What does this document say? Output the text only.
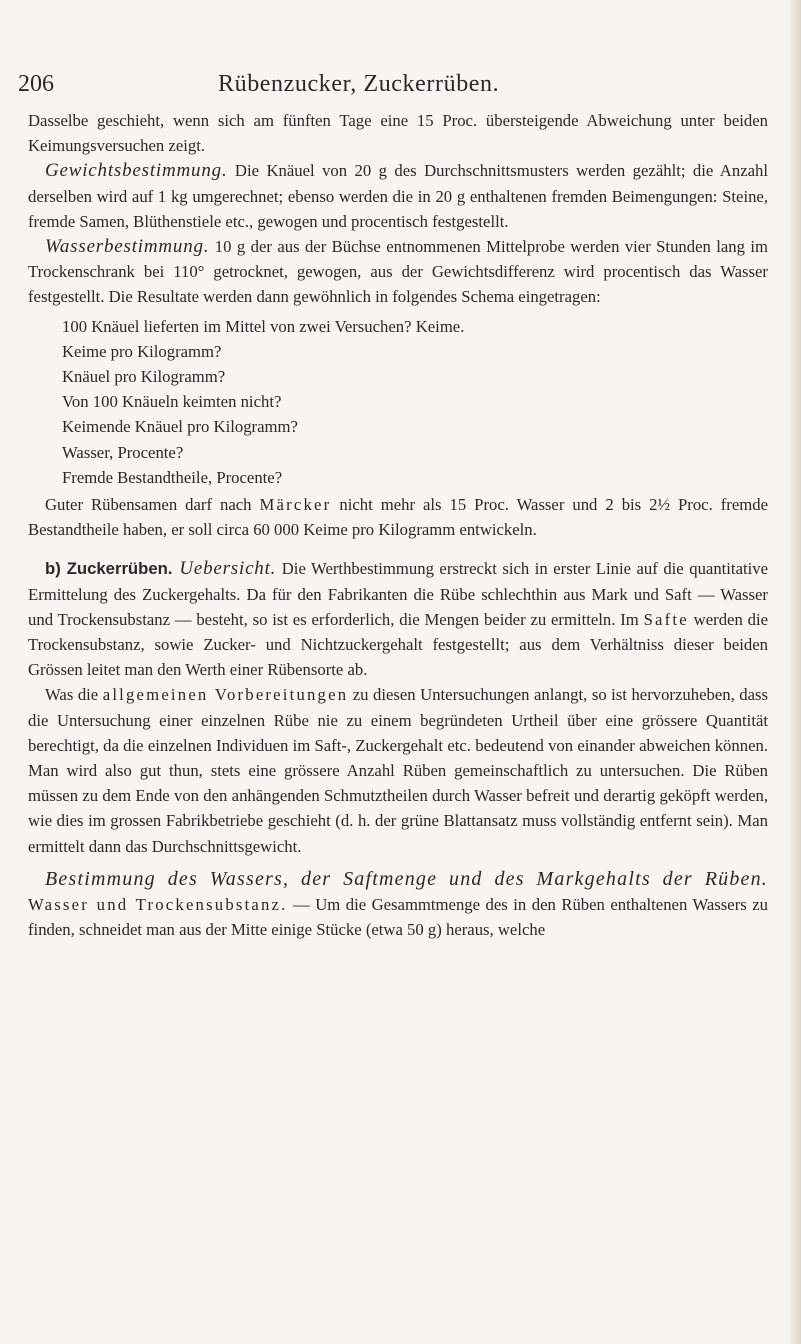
206	Rübenzucker, Zuckerrüben.

Dasselbe geschieht, wenn sich am fünften Tage eine 15 Proc. übersteigende Abweichung unter beiden Keimungsversuchen zeigt.

Gewichtsbestimmung. Die Knäuel von 20 g des Durchschnittsmusters werden gezählt; die Anzahl derselben wird auf 1 kg umgerechnet; ebenso werden die in 20 g enthaltenen fremden Beimengungen: Steine, fremde Samen, Blüthenstiele etc., gewogen und procentisch festgestellt.

Wasserbestimmung. 10 g der aus der Büchse entnommenen Mittelprobe werden vier Stunden lang im Trockenschrank bei 110° getrocknet, gewogen, aus der Gewichtsdifferenz wird procentisch das Wasser festgestellt. Die Resultate werden dann gewöhnlich in folgendes Schema eingetragen:

100 Knäuel lieferten im Mittel von zwei Versuchen? Keime.
Keime pro Kilogramm?
Knäuel pro Kilogramm?
Von 100 Knäueln keimten nicht?
Keimende Knäuel pro Kilogramm?
Wasser, Procente?
Fremde Bestandtheile, Procente?

Guter Rübensamen darf nach Märcker nicht mehr als 15 Proc. Wasser und 2 bis 2½ Proc. fremde Bestandtheile haben, er soll circa 60 000 Keime pro Kilogramm entwickeln.

b) Zuckerrüben. Uebersicht. Die Werthbestimmung erstreckt sich in erster Linie auf die quantitative Ermittelung des Zuckergehalts. Da für den Fabrikanten die Rübe schlechthin aus Mark und Saft — Wasser und Trockensubstanz — besteht, so ist es erforderlich, die Mengen beider zu ermitteln. Im Safte werden die Trockensubstanz, sowie Zucker- und Nichtzuckergehalt festgestellt; aus dem Verhältniss dieser beiden Grössen leitet man den Werth einer Rübensorte ab.

Was die allgemeinen Vorbereitungen zu diesen Untersuchungen anlangt, so ist hervorzuheben, dass die Untersuchung einer einzelnen Rübe nie zu einem begründeten Urtheil über eine grössere Quantität berechtigt, da die einzelnen Individuen im Saft-, Zuckergehalt etc. bedeutend von einander abweichen können. Man wird also gut thun, stets eine grössere Anzahl Rüben gemeinschaftlich zu untersuchen. Die Rüben müssen zu dem Ende von den anhängenden Schmutztheilen durch Wasser befreit und derartig geköpft werden, wie dies im grossen Fabrikbetriebe geschieht (d. h. der grüne Blattansatz muss vollständig entfernt sein). Man ermittelt dann das Durchschnittsgewicht.

Bestimmung des Wassers, der Saftmenge und des Markgehalts der Rüben. Wasser und Trockensubstanz. — Um die Gesammtmenge des in den Rüben enthaltenen Wassers zu finden, schneidet man aus der Mitte einige Stücke (etwa 50 g) heraus, welche
